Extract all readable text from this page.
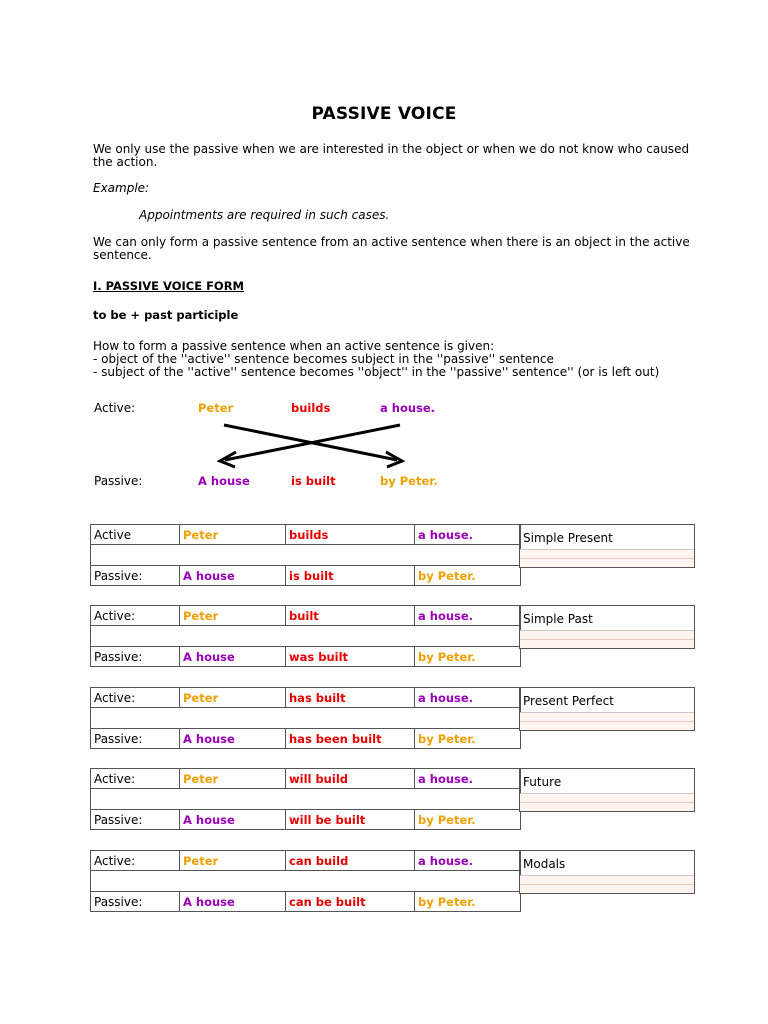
PASSIVE VOICE

We only use the passive when we are interested in the object or when we do not know who caused the action.

Example:

Appointments are required in such cases.

We can only form a passive sentence from an active sentence when there is an object in the active sentence.

I. PASSIVE VOICE FORM

to be + past participle

How to form a passive sentence when an active sentence is given:

- object of the ''active'' sentence becomes subject in the ''passive'' sentence

- subject of the ''active'' sentence becomes ''object'' in the ''passive'' sentence'' (or is left out)

Active:	Peter	builds	a house.
Passive:	A house	is built	by Peter.
Active	Peter	builds	a house.

Passive:	A house	is built	by Peter.
Simple Present
Active:	Peter	built	a house.

Passive:	A house	was built	by Peter.
Simple Past
Active:	Peter	has built	a house.

Passive:	A house	has been built	by Peter.
Present Perfect
Active:	Peter	will build	a house.

Passive:	A house	will be built	by Peter.
Future
Active:	Peter	can build	a house.

Passive:	A house	can be built	by Peter.
Modals
